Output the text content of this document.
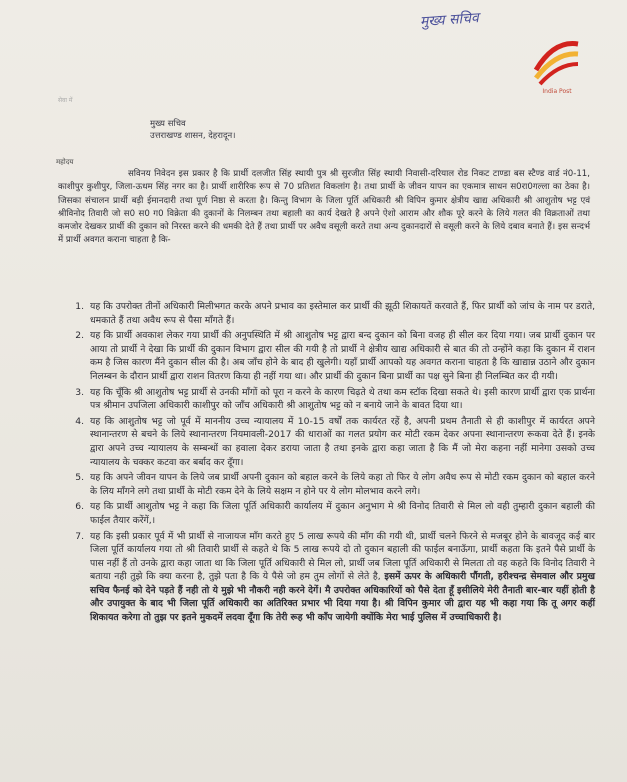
मुख्य सचिव
India Post
सेवा में
मुख्य सचिव
उत्तराखण्ड शासन, देहरादून।
महोदय

सविनय निवेदन इस प्रकार है कि प्रार्थी दलजीत सिंह स्थायी पुत्र श्री सुरजीत सिंह स्थायी निवासी-दरियाल रोड निकट टाण्डा बस स्टैण्ड वार्ड नं0-11, काशीपुर कुशीपुर, जिला-ऊधम सिंह नगर का है। प्रार्थी शारीरिक रूप से 70 प्रतिशत विकलांग है। तथा प्रार्थी के जीवन यापन का एकमात्र साधन स0रा0गल्ला का ठेका है। जिसका संचालन प्रार्थी बड़ी ईमानदारी तथा पूर्ण निष्ठा से करता है। किन्तु विभाग के जिला पूर्ति अधिकारी श्री विपिन कुमार क्षेत्रीय खाद्य अधिकारी श्री आशुतोष भट्ट एवं श्रीविनोद तिवारी जो स0 स0 ग0 विक्रेता की दुकानों के निलम्बन तथा बहाली का कार्य देखते है अपने ऐशो आराम और शौक पूरे करने के लिये गलत की विक्रताओं तथा कमजोर देखकर प्रार्थी की दुकान को निरस्त करने की धमकी देते हैं तथा प्रार्थी पर अवैध वसूली करते तथा अन्य दुकानदारों से वसूली करने के लिये दबाव बनाते हैं। इस सन्दर्भ में प्रार्थी अवगत कराना चाहता है कि-

1. यह कि उपरोक्त तीनों अधिकारी मिलीभगत करके अपने प्रभाव का इस्तेमाल कर प्रार्थी की झूठी शिकायतें करवाते हैं, फिर प्रार्थी को जांच के नाम पर डराते, धमकाते हैं तथा अवैध रूप से पैसा माँगते हैं।
2. यह कि प्रार्थी अवकाश लेकर गया प्रार्थी की अनुपस्थिति में श्री आशुतोष भट्ट द्वारा बन्द दुकान को बिना वजह ही सील कर दिया गया। जब प्रार्थी दुकान पर आया तो प्रार्थी ने देखा कि प्रार्थी की दुकान विभाग द्वारा सील की गयी है तो प्रार्थी ने क्षेत्रीय खाद्य अधिकारी से बात की तो उन्होंने कहा कि दुकान में राशन कम है जिस कारण मैंने दुकान सील की है। अब जाँच होने के बाद ही खुलेगी। यहाँ प्रार्थी आपको यह अवगत कराना चाहता है कि खाद्यान्न उठाने और दुकान निलम्बन के दौरान प्रार्थी द्वारा राशन वितरण किया ही नहीं गया था। और प्रार्थी की दुकान बिना प्रार्थी का पक्ष सुने बिना ही निलम्बित कर दी गयी।
3. यह कि चूँकि श्री आशुतोष भट्ट प्रार्थी से उनकी माँगों को पूरा न करने के कारण चिढ़ते थे तथा कम स्टॉक दिखा सकते थे। इसी कारण प्रार्थी द्वारा एक प्रार्थना पत्र श्रीमान उपजिला अधिकारी काशीपुर को जाँच अधिकारी श्री आशुतोष भट्ट को न बनाये जाने के बावत दिया था।
4. यह कि आशुतोष भट्ट जो पूर्व में माननीय उच्च न्यायालय में 10-15 वर्षों तक कार्यरत रहें है, अपनी प्रथम तैनाती से ही काशीपुर में कार्यरत अपने स्थानान्तरण से बचने के लिये स्थानान्तरण नियमावली-2017 की धाराओं का गलत प्रयोग कर मोटी रकम देकर अपना स्थानान्तरण रूकवा देते हैं। इनके द्वारा अपने उच्च न्यायालय के सम्बन्धों का हवाला देकर डराया जाता है तथा इनके द्वारा कहा जाता है कि मैं जो मेरा कहना नहीं मानेगा उसको उच्च न्यायालय के चक्कर कटवा कर बर्बाद कर दूँगा।
5. यह कि अपने जीवन यापन के लिये जब प्रार्थी अपनी दुकान को बहाल करने के लिये कहा तो फिर ये लोग अवैध रूप से मोटी रकम दुकान को बहाल करने के लिय माँगने लगे तथा प्रार्थी के मोटी रकम देने के लिये सक्षम न होने पर ये लोग मोलभाव करने लगे।
6. यह कि प्रार्थी आशुतोष भट्ट ने कहा कि जिला पूर्ति अधिकारी कार्यालय में दुकान अनुभाग मे श्री विनोद तिवारी से मिल लो वही तुम्हारी दुकान बहाली की फाईल तैयार करेंगें,।
7. यह कि इसी प्रकार पूर्व में भी प्रार्थी से नाजायज माँग करते हुए 5 लाख रूपये की माँग की गयी थी, प्रार्थी चलने फिरने से मजबूर होने के बावजूद कई बार जिला पूर्ति कार्यालय गया तो श्री तिवारी प्रार्थी से कहते थे कि 5 लाख रूपये दो तो दुकान बहाली की फाईल बनाऊँगा, प्रार्थी कहता कि इतने पैसे प्रार्थी के पास नहीं हैं तो उनके द्वारा कहा जाता था कि जिला पूर्ति अधिकारी से मिल लो, प्रार्थी जब जिला पूर्ति अधिकारी से मिलता तो वह कहते कि विनोद तिवारी ने बताया नही तुझे कि क्या करना है, तुझे पता है कि ये पैसे जो हम तुम लोगों से लेते है, इसमें ऊपर के अधिकारी पौंगती, हरीश्चन्द्र सेमवाल और प्रमुख सचिव फैनई को देने पड़ते हैं नही तो ये मुझे भी नौकरी नही करने देगें। मै उपरोक्त अधिकारियों को पैसे देता हूँ इसीलिये मेरी तैनाती बार-बार यहीं होती है और उपायुक्त के बाद भी जिला पूर्ति अधिकारी का अतिरिक्त प्रभार भी दिया गया है। श्री विपिन कुमार जी द्वारा यह भी कहा गया कि तू अगर कहीं शिकायत करेगा तो तुझ पर इतने मुकदमें लदवा दूँगा कि तेरी रूह भी काँप जायेगी क्योंकि मेरा भाई पुलिस में उच्चाधिकारी है।
